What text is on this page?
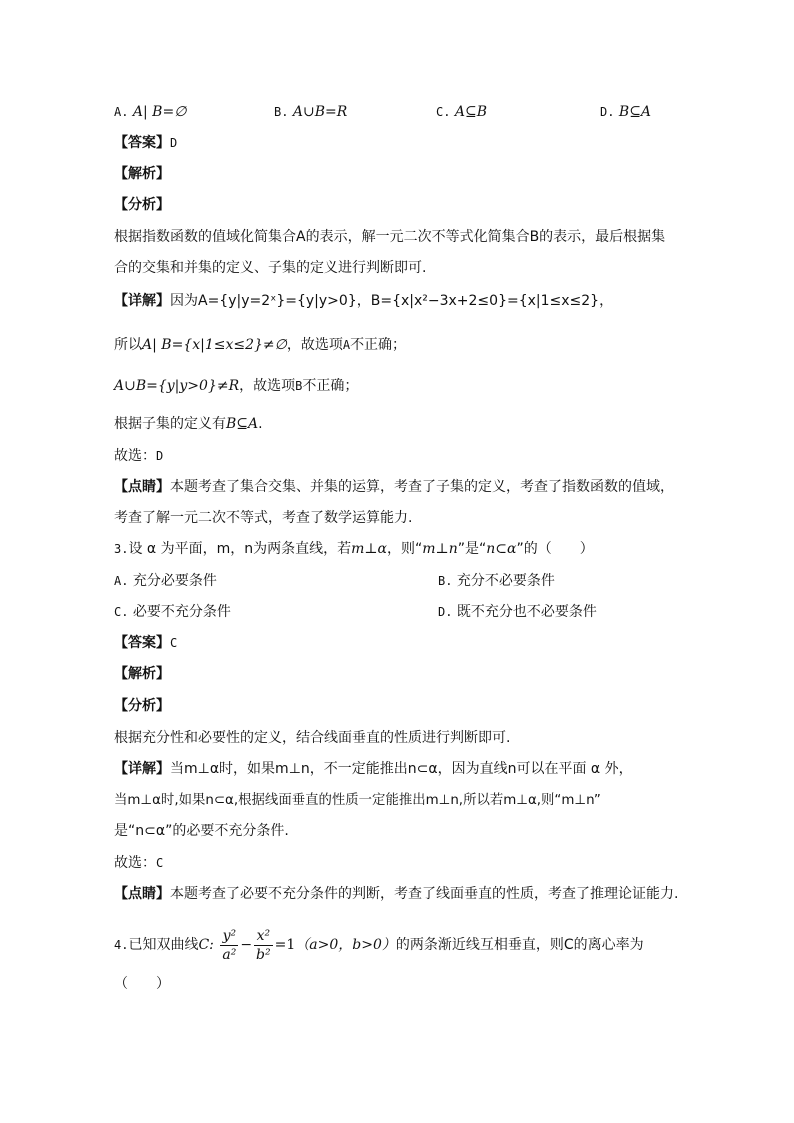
A. A| B=∅	B. A∪B=R	C. A⊆B	D. B⊆A
【答案】D
【解析】
【分析】
根据指数函数的值域化简集合A的表示，解一元二次不等式化简集合B的表示，最后根据集
合的交集和并集的定义、子集的定义进行判断即可.
【详解】因为A={y|y=2ˣ}={y|y>0}，B={x|x²−3x+2≤0}={x|1≤x≤2}，
所以A| B={x|1≤x≤2}≠∅，故选项A不正确；
A∪B={y|y>0}≠R，故选项B不正确；
根据子集的定义有B⊆A.
故选：D
【点睛】本题考查了集合交集、并集的运算，考查了子集的定义，考查了指数函数的值域，
考查了解一元二次不等式，考查了数学运算能力.
3.设 α 为平面，m，n为两条直线，若m⊥α，则“m⊥n”是“n⊂α”的（　　）
A. 充分必要条件	B. 充分不必要条件
C. 必要不充分条件	D. 既不充分也不必要条件
【答案】C
【解析】
【分析】
根据充分性和必要性的定义，结合线面垂直的性质进行判断即可.
【详解】当m⊥α时，如果m⊥n，不一定能推出n⊂α，因为直线n可以在平面 α 外，
当m⊥α时,如果n⊂α,根据线面垂直的性质一定能推出m⊥n,所以若m⊥α,则“m⊥n”
是“n⊂α”的必要不充分条件.
故选：C
【点睛】本题考查了必要不充分条件的判断，考查了线面垂直的性质，考查了推理论证能力.
4.已知双曲线C: $\frac{\text{y²}}{\text{a²}} - \frac{\text{x²}}{\text{b²}} =1(a>0$，b>0）的两条渐近线互相垂直，则C的离心率为
（　　）
